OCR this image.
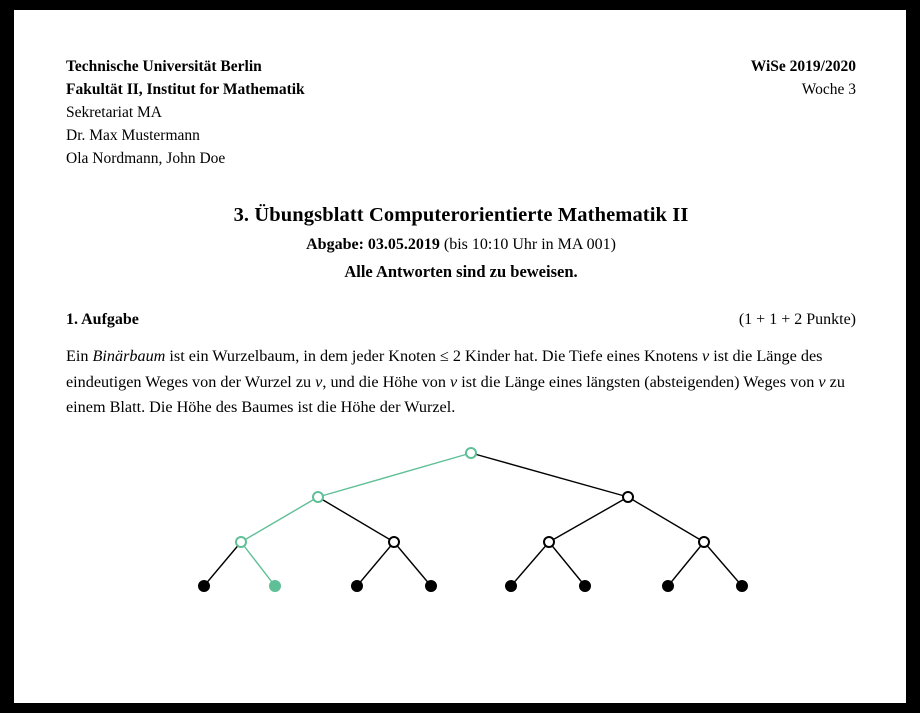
Technische Universität Berlin
Fakultät II, Institut for Mathematik
Sekretariat MA
Dr. Max Mustermann
Ola Nordmann, John Doe
WiSe 2019/2020
Woche 3
3. Übungsblatt Computerorientierte Mathematik II
Abgabe: 03.05.2019 (bis 10:10 Uhr in MA 001)
Alle Antworten sind zu beweisen.
1. Aufgabe	(1 + 1 + 2 Punkte)
Ein Binärbaum ist ein Wurzelbaum, in dem jeder Knoten ≤ 2 Kinder hat. Die Tiefe eines Knotens v ist die Länge des eindeutigen Weges von der Wurzel zu v, und die Höhe von v ist die Länge eines längsten (absteigenden) Weges von v zu einem Blatt. Die Höhe des Baumes ist die Höhe der Wurzel.
